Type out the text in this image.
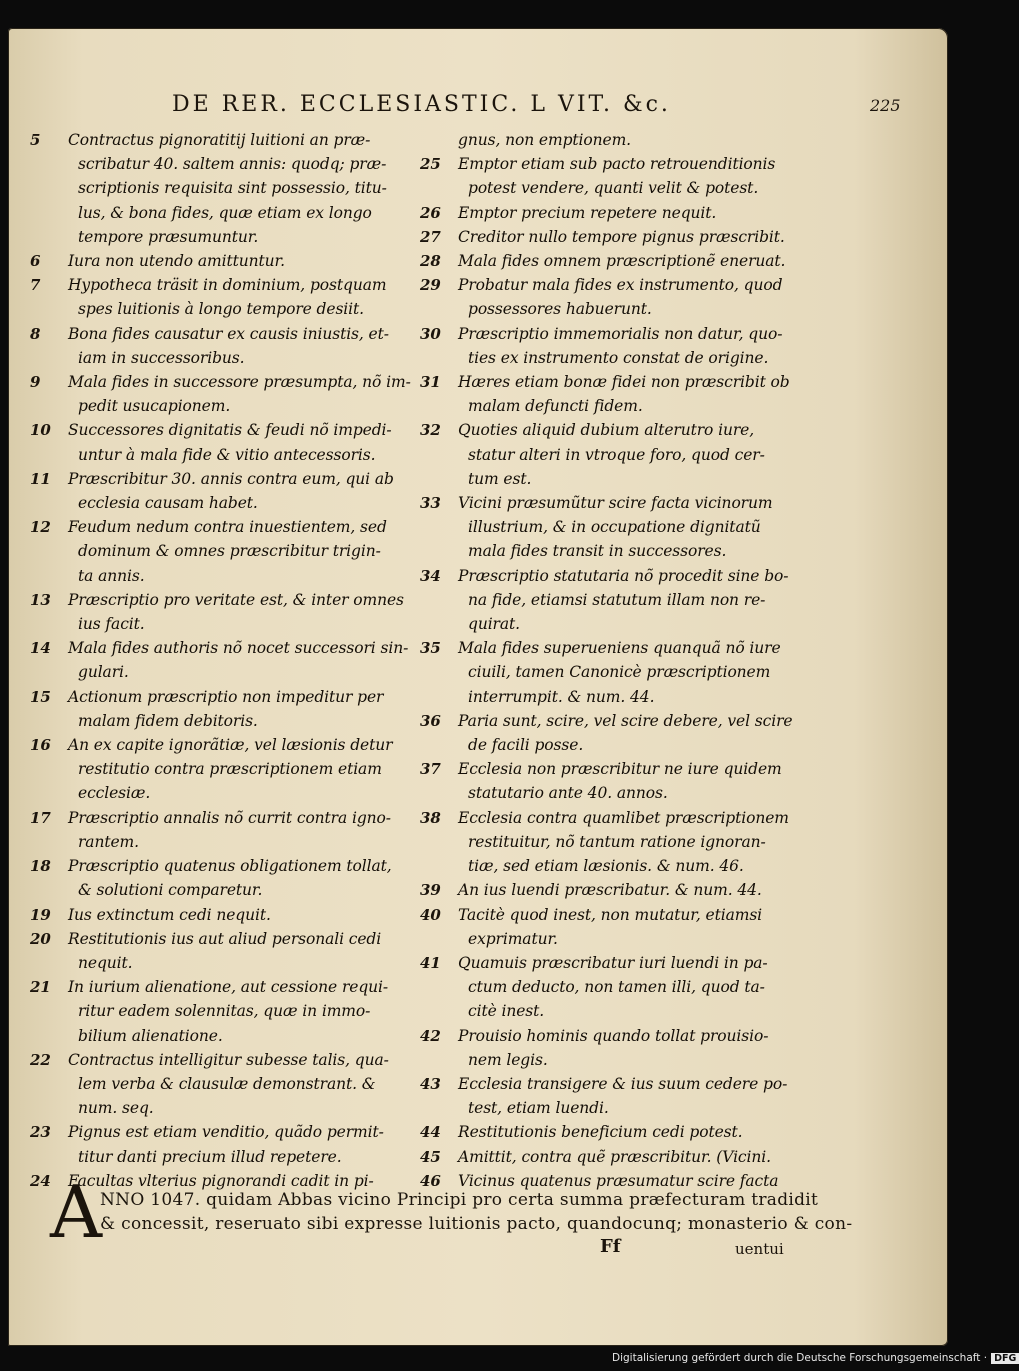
DE RER. ECCLESIASTIC. L VIT. &c.	225
5	Contractus pignoratitij luitioni an præ-
scribatur 40. saltem annis: quodq; præ-
scriptionis requisita sint possessio, titu-
lus, & bona fides, quæ etiam ex longo
tempore præsumuntur.
6	Iura non utendo amittuntur.
7	Hypotheca träsit in dominium, postquam
spes luitionis à longo tempore desiit.
8	Bona fides causatur ex causis iniustis, et-
iam in successoribus.
9	Mala fides in successore præsumpta, nõ im-
pedit usucapionem.
10	Successores dignitatis & feudi nõ impedi-
untur à mala fide & vitio antecessoris.
11	Præscribitur 30. annis contra eum, qui ab
ecclesia causam habet.
12	Feudum nedum contra inuestientem, sed
dominum & omnes præscribitur trigin-
ta annis.
13	Præscriptio pro veritate est, & inter omnes
ius facit.
14	Mala fides authoris nõ nocet successori sin-
gulari.
15	Actionum præscriptio non impeditur per
malam fidem debitoris.
16	An ex capite ignorãtiæ, vel læsionis detur
restitutio contra præscriptionem etiam
ecclesiæ.
17	Præscriptio annalis nõ currit contra igno-
rantem.
18	Præscriptio quatenus obligationem tollat,
& solutioni comparetur.
19	Ius extinctum cedi nequit.
20	Restitutionis ius aut aliud personali cedi
nequit.
21	In iurium alienatione, aut cessione requi-
ritur eadem solennitas, quæ in immo-
bilium alienatione.
22	Contractus intelligitur subesse talis, qua-
lem verba & clausulæ demonstrant. &
num. seq.
23	Pignus est etiam venditio, quãdo permit-
titur danti precium illud repetere.
24	Facultas vlterius pignorandi cadit in pi-
gnus, non emptionem.
25	Emptor etiam sub pacto retrouenditionis
potest vendere, quanti velit & potest.
26	Emptor precium repetere nequit.
27	Creditor nullo tempore pignus præscribit.
28	Mala fides omnem præscriptionẽ eneruat.
29	Probatur mala fides ex instrumento, quod
possessores habuerunt.
30	Præscriptio immemorialis non datur, quo-
ties ex instrumento constat de origine.
31	Hæres etiam bonæ fidei non præscribit ob
malam defuncti fidem.
32	Quoties aliquid dubium alterutro iure,
statur alteri in vtroque foro, quod cer-
tum est.
33	Vicini præsumũtur scire facta vicinorum
illustrium, & in occupatione dignitatũ
mala fides transit in successores.
34	Præscriptio statutaria nõ procedit sine bo-
na fide, etiamsi statutum illam non re-
quirat.
35	Mala fides superueniens quanquã nõ iure
ciuili, tamen Canonicè præscriptionem
interrumpit. & num. 44.
36	Paria sunt, scire, vel scire debere, vel scire
de facili posse.
37	Ecclesia non præscribitur ne iure quidem
statutario ante 40. annos.
38	Ecclesia contra quamlibet præscriptionem
restituitur, nõ tantum ratione ignoran-
tiæ, sed etiam læsionis. & num. 46.
39	An ius luendi præscribatur. & num. 44.
40	Tacitè quod inest, non mutatur, etiamsi
exprimatur.
41	Quamuis præscribatur iuri luendi in pa-
ctum deducto, non tamen illi, quod ta-
citè inest.
42	Prouisio hominis quando tollat prouisio-
nem legis.
43	Ecclesia transigere & ius suum cedere po-
test, etiam luendi.
44	Restitutionis beneficium cedi potest.
45	Amittit, contra quẽ præscribitur. (Vicini.
46	Vicinus quatenus præsumatur scire facta
A
NNO 1047. quidam Abbas vicino Principi pro certa summa præfecturam tradidit
& concessit, reseruato sibi expresse luitionis pacto, quandocunq; monasterio & con-
Ff	uentui
Digitalisierung gefördert durch die Deutsche Forschungsgemeinschaft · DFG
